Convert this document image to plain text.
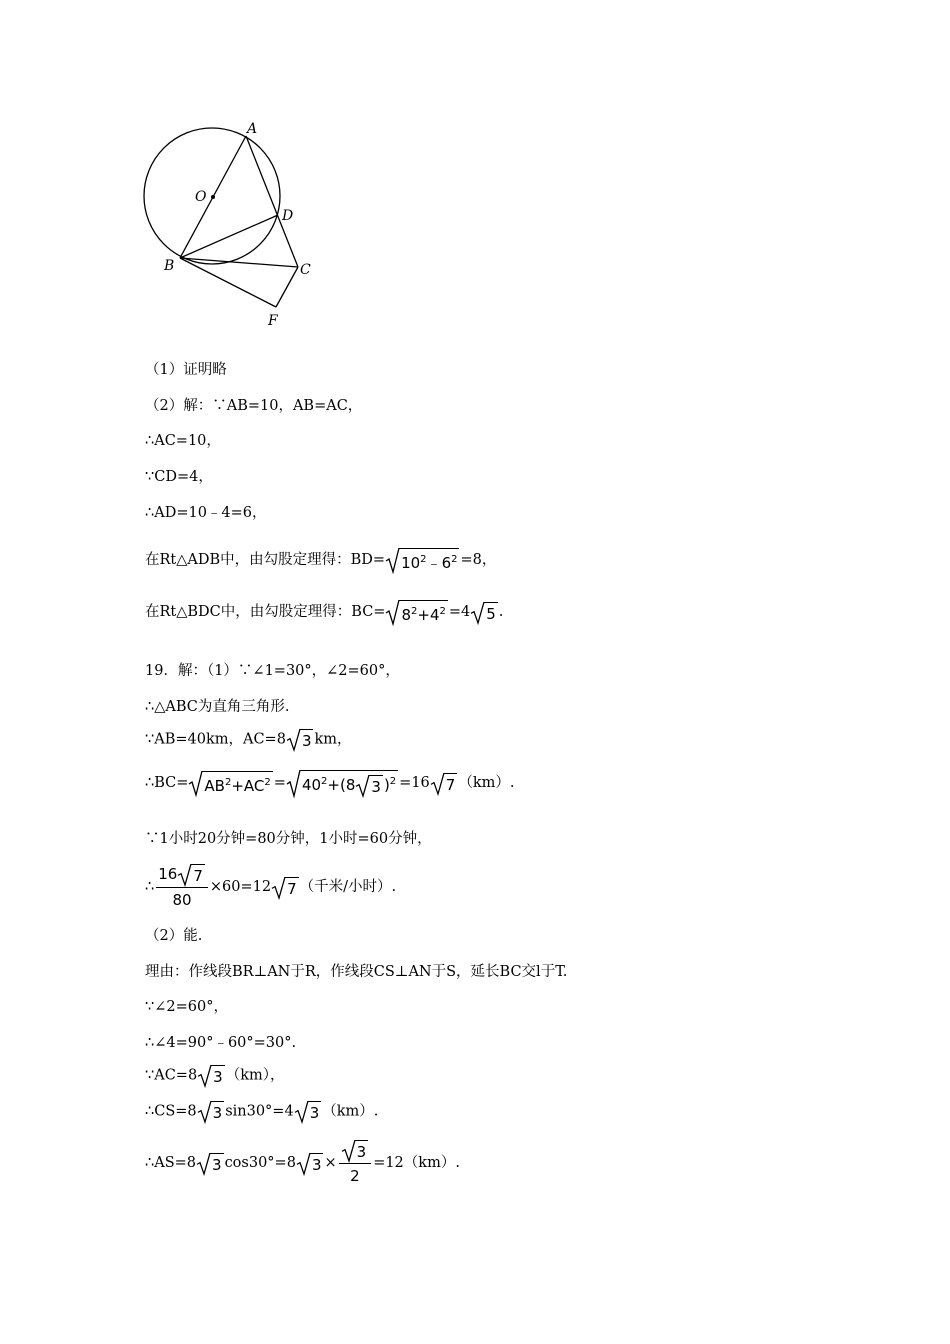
A
O
D
B	C
F
（1）证明略
（2）解：∵AB=10，AB=AC，
∴AC=10，
∵CD=4，
∴AD=10﹣4=6，
在Rt△ADB中，由勾股定理得：$BD= 10^2﹣6^2 =8$，
在Rt△BDC中，由勾股定理得：$BC= 8^2+4^2 =4$ 5 .
19．解：（1）∵∠1=30°，∠2=60°，
∴△ABC为直角三角形.
∵AB=40km，AC=8 3 km，
∴BC= $AB^2+AC^2 = 40^2+(8$ 3 )$^2$ =16 7 （km）.
∵1小时20分钟=80分钟，1小时=60分钟，
∴ $\frac{16 7}{80} \times 60=12$ 7 （千米/小时）.
（2）能.
理由：作线段BR⊥AN于R，作线段CS⊥AN于S，延长BC交l于T.
∵∠2=60°，
∴∠4=90°﹣60°=30°.
∵AC=8 3 （km），
∴CS=8 3 sin30°=4 3 （km）.
∴AS=8 3 cos30°=8 $3 \times \frac{3}{2} =12(km)$.
